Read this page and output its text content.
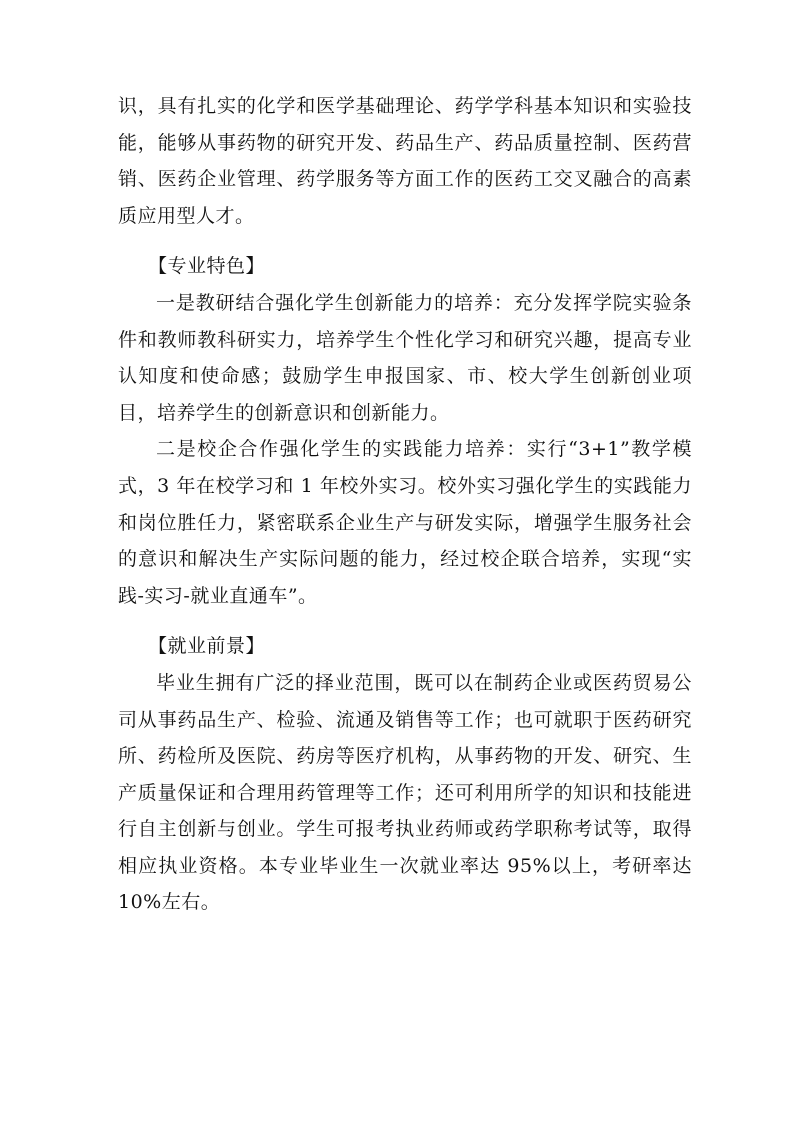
识，具有扎实的化学和医学基础理论、药学学科基本知识和实验技能，能够从事药物的研究开发、药品生产、药品质量控制、医药营销、医药企业管理、药学服务等方面工作的医药工交叉融合的高素质应用型人才。

【专业特色】

一是教研结合强化学生创新能力的培养：充分发挥学院实验条件和教师教科研实力，培养学生个性化学习和研究兴趣，提高专业认知度和使命感；鼓励学生申报国家、市、校大学生创新创业项目，培养学生的创新意识和创新能力。

二是校企合作强化学生的实践能力培养：实行“3+1”教学模式，3 年在校学习和 1 年校外实习。校外实习强化学生的实践能力和岗位胜任力，紧密联系企业生产与研发实际，增强学生服务社会的意识和解决生产实际问题的能力，经过校企联合培养，实现“实践-实习-就业直通车”。

【就业前景】

毕业生拥有广泛的择业范围，既可以在制药企业或医药贸易公司从事药品生产、检验、流通及销售等工作；也可就职于医药研究所、药检所及医院、药房等医疗机构，从事药物的开发、研究、生产质量保证和合理用药管理等工作；还可利用所学的知识和技能进行自主创新与创业。学生可报考执业药师或药学职称考试等，取得相应执业资格。本专业毕业生一次就业率达 95%以上，考研率达 10%左右。
